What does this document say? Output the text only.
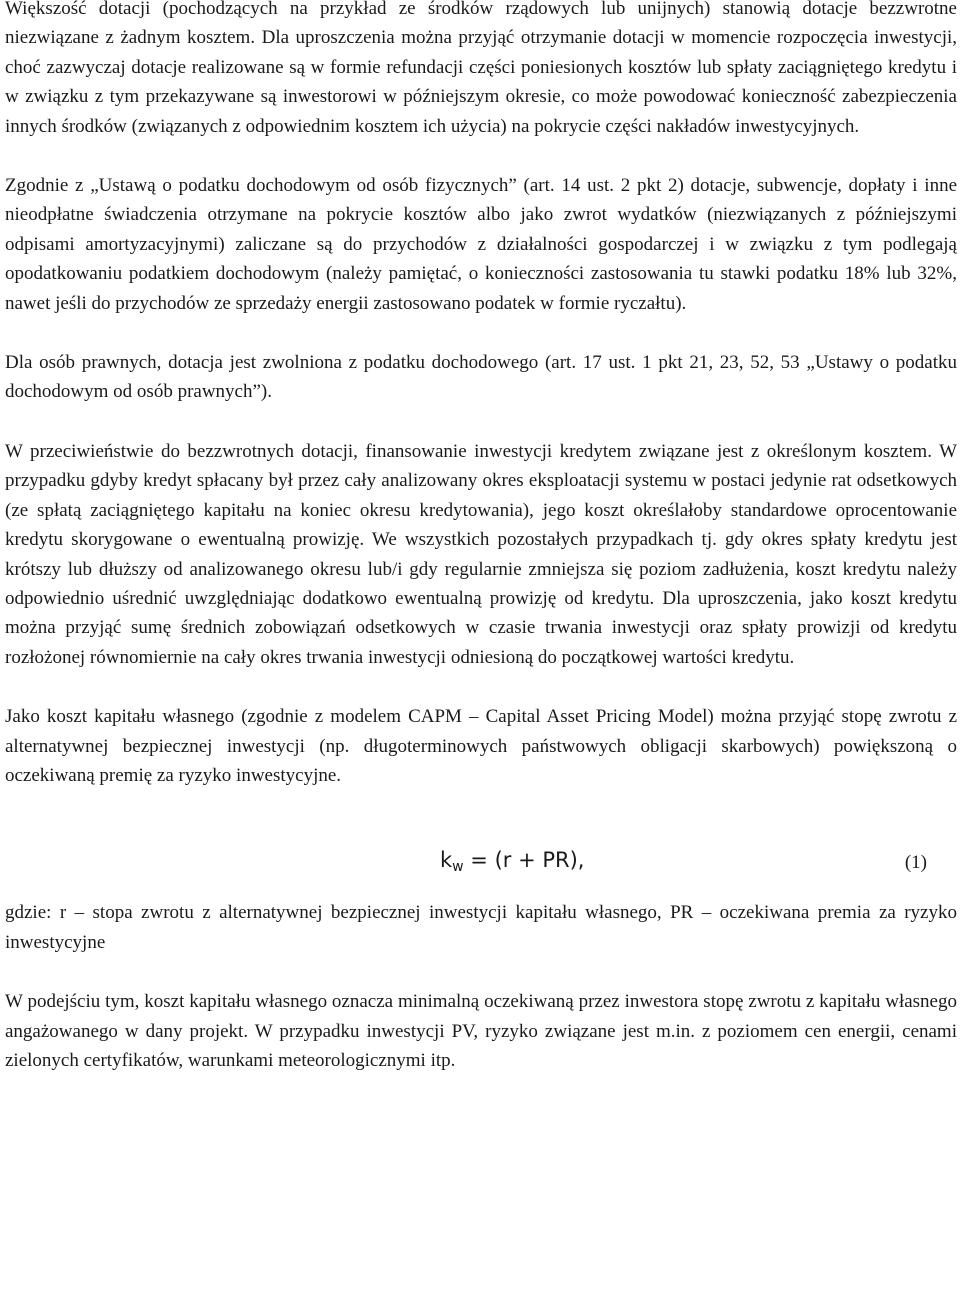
Większość dotacji (pochodzących na przykład ze środków rządowych lub unijnych) stanowią dotacje bezzwrotne niezwiązane z żadnym kosztem. Dla uproszczenia można przyjąć otrzymanie dotacji w momencie rozpoczęcia inwestycji, choć zazwyczaj dotacje realizowane są w formie refundacji części poniesionych kosztów lub spłaty zaciągniętego kredytu i w związku z tym przekazywane są inwestorowi w późniejszym okresie, co może powodować konieczność zabezpieczenia innych środków (związanych z odpowiednim kosztem ich użycia) na pokrycie części nakładów inwestycyjnych.

Zgodnie z „Ustawą o podatku dochodowym od osób fizycznych” (art. 14 ust. 2 pkt 2) dotacje, subwencje, dopłaty i inne nieodpłatne świadczenia otrzymane na pokrycie kosztów albo jako zwrot wydatków (niezwiązanych z późniejszymi odpisami amortyzacyjnymi) zaliczane są do przychodów z działalności gospodarczej i w związku z tym podlegają opodatkowaniu podatkiem dochodowym (należy pamiętać, o konieczności zastosowania tu stawki podatku 18% lub 32%, nawet jeśli do przychodów ze sprzedaży energii zastosowano podatek w formie ryczałtu).

Dla osób prawnych, dotacja jest zwolniona z podatku dochodowego (art. 17 ust. 1 pkt 21, 23, 52, 53 „Ustawy o podatku dochodowym od osób prawnych”).

W przeciwieństwie do bezzwrotnych dotacji, finansowanie inwestycji kredytem związane jest z określonym kosztem. W przypadku gdyby kredyt spłacany był przez cały analizowany okres eksploatacji systemu w postaci jedynie rat odsetkowych (ze spłatą zaciągniętego kapitału na koniec okresu kredytowania), jego koszt określałoby standardowe oprocentowanie kredytu skorygowane o ewentualną prowizję. We wszystkich pozostałych przypadkach tj. gdy okres spłaty kredytu jest krótszy lub dłuższy od analizowanego okresu lub/i gdy regularnie zmniejsza się poziom zadłużenia, koszt kredytu należy odpowiednio uśrednić uwzględniając dodatkowo ewentualną prowizję od kredytu. Dla uproszczenia, jako koszt kredytu można przyjąć sumę średnich zobowiązań odsetkowych w czasie trwania inwestycji oraz spłaty prowizji od kredytu rozłożonej równomiernie na cały okres trwania inwestycji odniesioną do początkowej wartości kredytu.

Jako koszt kapitału własnego (zgodnie z modelem CAPM – Capital Asset Pricing Model) można przyjąć stopę zwrotu z alternatywnej bezpiecznej inwestycji (np. długoterminowych państwowych obligacji skarbowych) powiększoną o oczekiwaną premię za ryzyko inwestycyjne.

$k_w = (r + PR)$,	(1)

gdzie: r – stopa zwrotu z alternatywnej bezpiecznej inwestycji kapitału własnego, PR – oczekiwana premia za ryzyko inwestycyjne

W podejściu tym, koszt kapitału własnego oznacza minimalną oczekiwaną przez inwestora stopę zwrotu z kapitału własnego angażowanego w dany projekt. W przypadku inwestycji PV, ryzyko związane jest m.in. z poziomem cen energii, cenami zielonych certyfikatów, warunkami meteorologicznymi itp.
